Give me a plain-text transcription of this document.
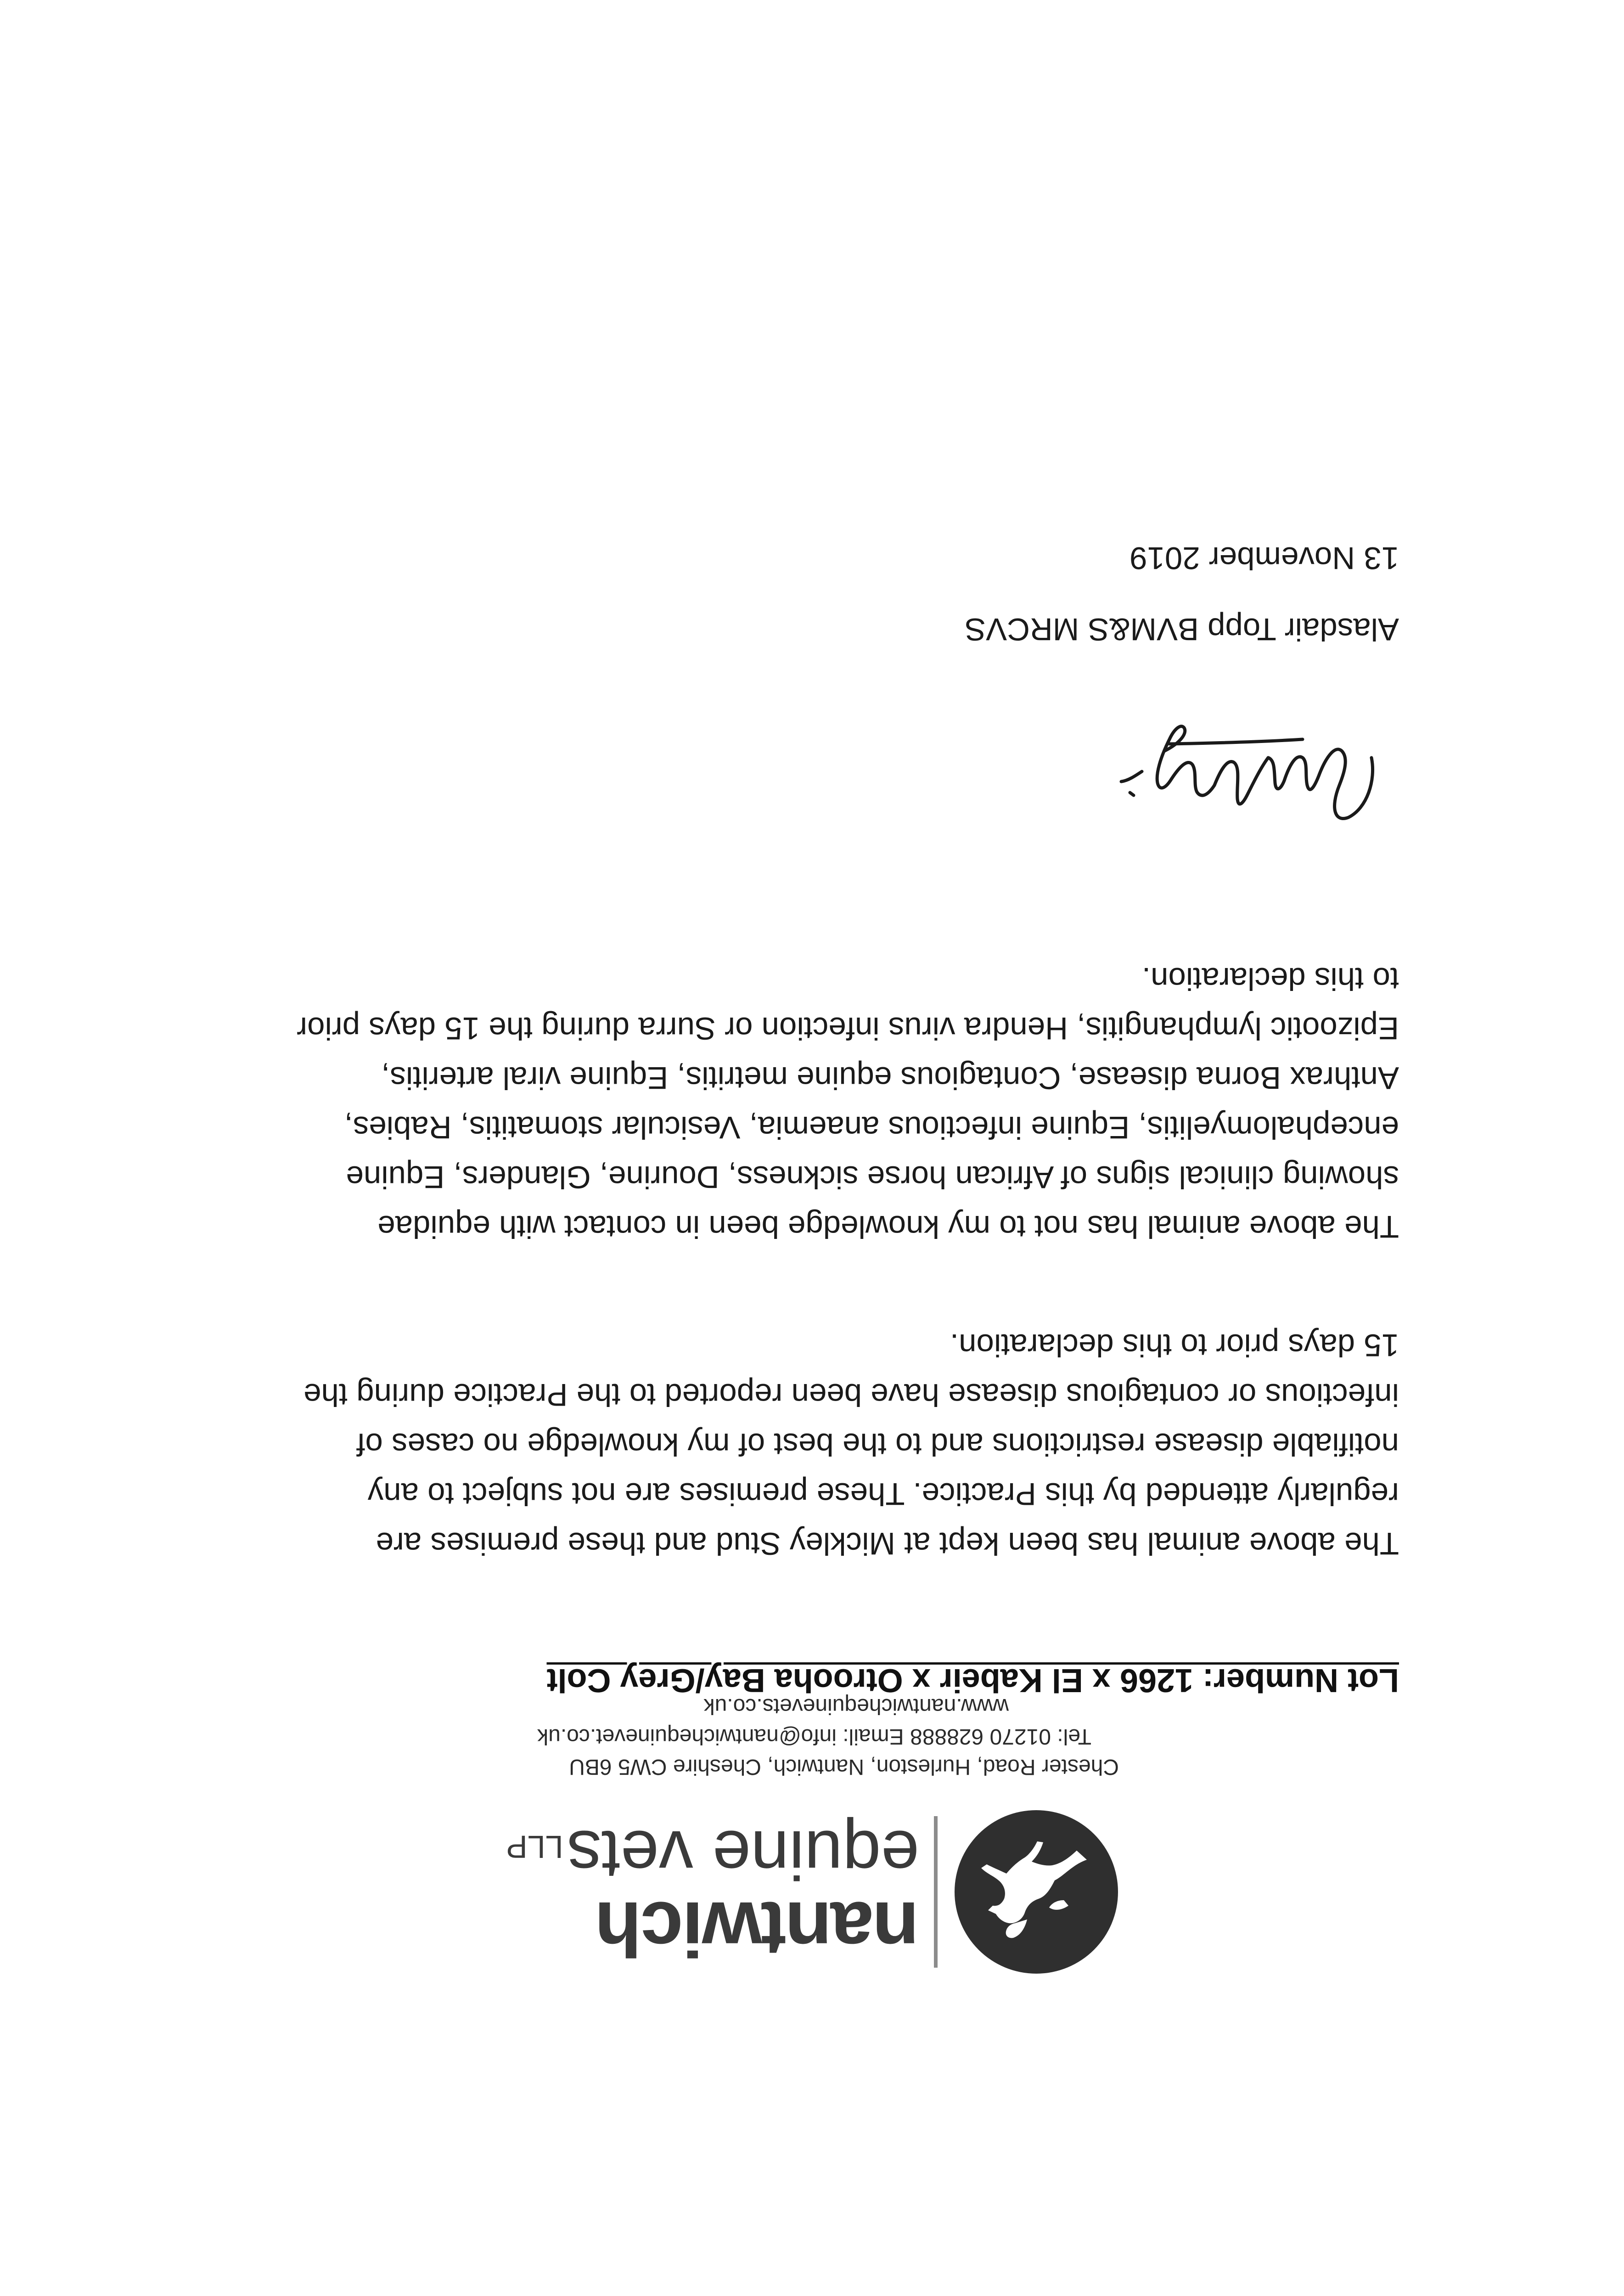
nantwich
equine vetsLLP
Chester Road, Hurleston, Nantwich, Cheshire CW5 6BU
Tel: 01270 628888 Email: info@nantwichequinevet.co.uk
www.nantwichequinevets.co.uk
Lot Number: 1266 x El Kabeir x Otrooha Bay/Grey Colt
The above animal has been kept at Mickley Stud and these premises are
regularly attended by this Practice. These premises are not subject to any
notifiable disease restrictions and to the best of my knowledge no cases of
infectious or contagious disease have been reported to the Practice during the
15 days prior to this declaration.
The above animal has not to my knowledge been in contact with equidae
showing clinical signs of African horse sickness, Dourine, Glanders, Equine
encephalomyelitis, Equine infectious anaemia, Vesicular stomatitis, Rabies,
Anthrax Borna disease, Contagious equine metritis, Equine viral arteritis,
Epizootic lymphangitis, Hendra virus infection or Surra during the 15 days prior
to this declaration.
Alasdair Topp BVM&S MRCVS
13 November 2019
